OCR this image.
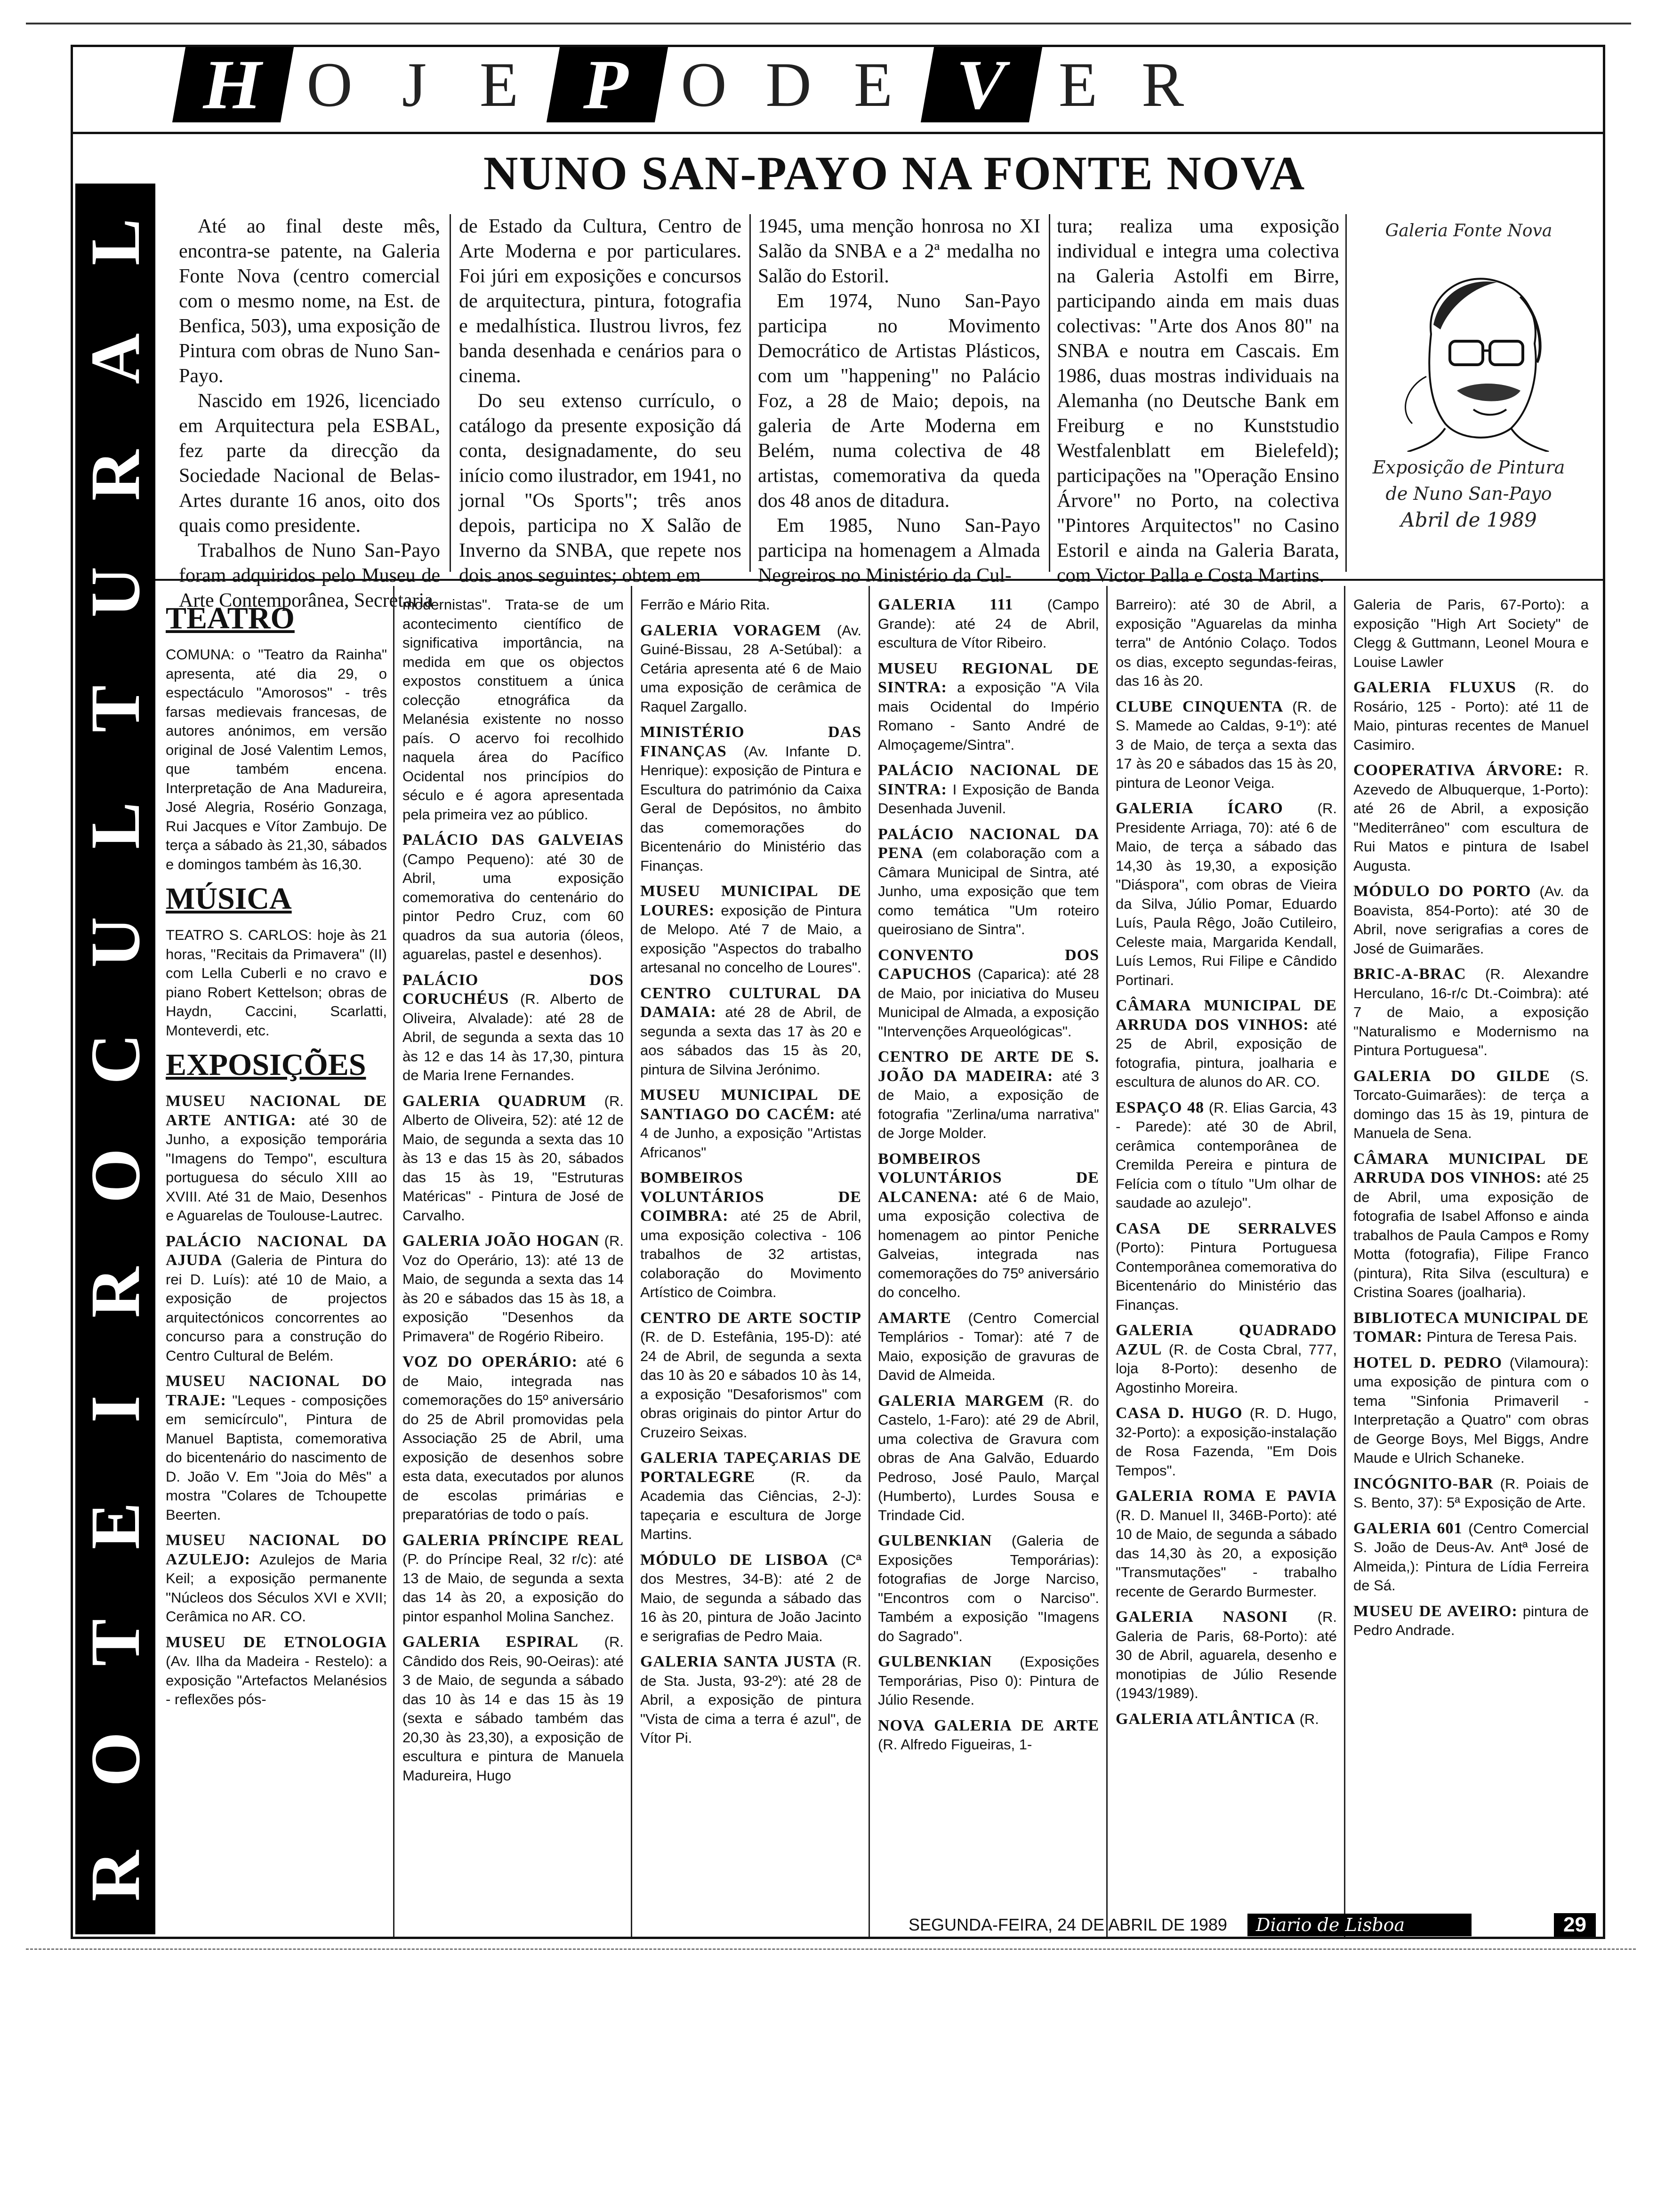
H O J E P O D E V E R
L
A
R
U
T
L
U
C
O
R
I
E
T
O
R
NUNO SAN-PAYO NA FONTE NOVA

Até ao final deste mês, encontra-se patente, na Galeria Fonte Nova (centro comercial com o mesmo nome, na Est. de Benfica, 503), uma exposição de Pintura com obras de Nuno San-Payo.

Nascido em 1926, licenciado em Arquitectura pela ESBAL, fez parte da direcção da Sociedade Nacional de Belas-Artes durante 16 anos, oito dos quais como presidente.

Trabalhos de Nuno San-Payo foram adquiridos pelo Museu de Arte Contemporânea, Secretaria

de Estado da Cultura, Centro de Arte Moderna e por particulares. Foi júri em exposições e concursos de arquitectura, pintura, fotografia e medalhística. Ilustrou livros, fez banda desenhada e cenários para o cinema.

Do seu extenso currículo, o catálogo da presente exposição dá conta, designadamente, do seu início como ilustrador, em 1941, no jornal "Os Sports"; três anos depois, participa no X Salão de Inverno da SNBA, que repete nos dois anos seguintes; obtem em

1945, uma menção honrosa no XI Salão da SNBA e a 2ª medalha no Salão do Estoril.

Em 1974, Nuno San-Payo participa no Movimento Democrático de Artistas Plásticos, com um "happening" no Palácio Foz, a 28 de Maio; depois, na galeria de Arte Moderna em Belém, numa colectiva de 48 artistas, comemorativa da queda dos 48 anos de ditadura.

Em 1985, Nuno San-Payo participa na homenagem a Almada Negreiros no Ministério da Cul-

tura; realiza uma exposição individual e integra uma colectiva na Galeria Astolfi em Birre, participando ainda em mais duas colectivas: "Arte dos Anos 80" na SNBA e noutra em Cascais. Em 1986, duas mostras individuais na Alemanha (no Deutsche Bank em Freiburg e no Kunststudio Westfalenblatt em Bielefeld); participações na "Operação Ensino Árvore" no Porto, na colectiva "Pintores Arquitectos" no Casino Estoril e ainda na Galeria Barata, com Victor Palla e Costa Martins.

Galeria Fonte Nova
Exposição de Pintura
de Nuno San-Payo
Abril de 1989
TEATRO

COMUNA: o "Teatro da Rainha" apresenta, até dia 29, o espectáculo "Amorosos" - três farsas medievais francesas, de autores anónimos, em versão original de José Valentim Lemos, que também encena. Interpretação de Ana Madureira, José Alegria, Rosério Gonzaga, Rui Jacques e Vítor Zambujo. De terça a sábado às 21,30, sábados e domingos também às 16,30.

MÚSICA

TEATRO S. CARLOS: hoje às 21 horas, "Recitais da Primavera" (II) com Lella Cuberli e no cravo e piano Robert Kettelson; obras de Haydn, Caccini, Scarlatti, Monteverdi, etc.

EXPOSIÇÕES

MUSEU NACIONAL DE ARTE ANTIGA: até 30 de Junho, a exposição temporária "Imagens do Tempo", escultura portuguesa do século XIII ao XVIII. Até 31 de Maio, Desenhos e Aguarelas de Toulouse-Lautrec.

PALÁCIO NACIONAL DA AJUDA (Galeria de Pintura do rei D. Luís): até 10 de Maio, a exposição de projectos arquitectónicos concorrentes ao concurso para a construção do Centro Cultural de Belém.

MUSEU NACIONAL DO TRAJE: "Leques - composições em semicírculo", Pintura de Manuel Baptista, comemorativa do bicentenário do nascimento de D. João V. Em "Joia do Mês" a mostra "Colares de Tchoupette Beerten.

MUSEU NACIONAL DO AZULEJO: Azulejos de Maria Keil; a exposição permanente "Núcleos dos Séculos XVI e XVII; Cerâmica no AR. CO.

MUSEU DE ETNOLOGIA (Av. Ilha da Madeira - Restelo): a exposição "Artefactos Melanésios - reflexões pós-

modernistas". Trata-se de um acontecimento científico de significativa importância, na medida em que os objectos expostos constituem a única colecção etnográfica da Melanésia existente no nosso país. O acervo foi recolhido naquela área do Pacífico Ocidental nos princípios do século e é agora apresentada pela primeira vez ao público.

PALÁCIO DAS GALVEIAS (Campo Pequeno): até 30 de Abril, uma exposição comemorativa do centenário do pintor Pedro Cruz, com 60 quadros da sua autoria (óleos, aguarelas, pastel e desenhos).

PALÁCIO DOS CORUCHÉUS (R. Alberto de Oliveira, Alvalade): até 28 de Abril, de segunda a sexta das 10 às 12 e das 14 às 17,30, pintura de Maria Irene Fernandes.

GALERIA QUADRUM (R. Alberto de Oliveira, 52): até 12 de Maio, de segunda a sexta das 10 às 13 e das 15 às 20, sábados das 15 às 19, "Estruturas Matéricas" - Pintura de José de Carvalho.

GALERIA JOÃO HOGAN (R. Voz do Operário, 13): até 13 de Maio, de segunda a sexta das 14 às 20 e sábados das 15 às 18, a exposição "Desenhos da Primavera" de Rogério Ribeiro.

VOZ DO OPERÁRIO: até 6 de Maio, integrada nas comemorações do 15º aniversário do 25 de Abril promovidas pela Associação 25 de Abril, uma exposição de desenhos sobre esta data, executados por alunos de escolas primárias e preparatórias de todo o país.

GALERIA PRÍNCIPE REAL (P. do Príncipe Real, 32 r/c): até 13 de Maio, de segunda a sexta das 14 às 20, a exposição do pintor espanhol Molina Sanchez.

GALERIA ESPIRAL (R. Cândido dos Reis, 90-Oeiras): até 3 de Maio, de segunda a sábado das 10 às 14 e das 15 às 19 (sexta e sábado também das 20,30 às 23,30), a exposição de escultura e pintura de Manuela Madureira, Hugo

Ferrão e Mário Rita.

GALERIA VORAGEM (Av. Guiné-Bissau, 28 A-Setúbal): a Cetária apresenta até 6 de Maio uma exposição de cerâmica de Raquel Zargallo.

MINISTÉRIO DAS FINANÇAS (Av. Infante D. Henrique): exposição de Pintura e Escultura do património da Caixa Geral de Depósitos, no âmbito das comemorações do Bicentenário do Ministério das Finanças.

MUSEU MUNICIPAL DE LOURES: exposição de Pintura de Melopo. Até 7 de Maio, a exposição "Aspectos do trabalho artesanal no concelho de Loures".

CENTRO CULTURAL DA DAMAIA: até 28 de Abril, de segunda a sexta das 17 às 20 e aos sábados das 15 às 20, pintura de Silvina Jerónimo.

MUSEU MUNICIPAL DE SANTIAGO DO CACÉM: até 4 de Junho, a exposição "Artistas Africanos"

BOMBEIROS VOLUNTÁRIOS DE COIMBRA: até 25 de Abril, uma exposição colectiva - 106 trabalhos de 32 artistas, colaboração do Movimento Artístico de Coimbra.

CENTRO DE ARTE SOCTIP (R. de D. Estefânia, 195-D): até 24 de Abril, de segunda a sexta das 10 às 20 e sábados 10 às 14, a exposição "Desaforismos" com obras originais do pintor Artur do Cruzeiro Seixas.

GALERIA TAPEÇARIAS DE PORTALEGRE (R. da Academia das Ciências, 2-J): tapeçaria e escultura de Jorge Martins.

MÓDULO DE LISBOA (Cª dos Mestres, 34-B): até 2 de Maio, de segunda a sábado das 16 às 20, pintura de João Jacinto e serigrafias de Pedro Maia.

GALERIA SANTA JUSTA (R. de Sta. Justa, 93-2º): até 28 de Abril, a exposição de pintura "Vista de cima a terra é azul", de Vítor Pi.

GALERIA 111 (Campo Grande): até 24 de Abril, escultura de Vítor Ribeiro.

MUSEU REGIONAL DE SINTRA: a exposição "A Vila mais Ocidental do Império Romano - Santo André de Almoçageme/Sintra".

PALÁCIO NACIONAL DE SINTRA: I Exposição de Banda Desenhada Juvenil.

PALÁCIO NACIONAL DA PENA (em colaboração com a Câmara Municipal de Sintra, até Junho, uma exposição que tem como temática "Um roteiro queirosiano de Sintra".

CONVENTO DOS CAPUCHOS (Caparica): até 28 de Maio, por iniciativa do Museu Municipal de Almada, a exposição "Intervenções Arqueológicas".

CENTRO DE ARTE DE S. JOÃO DA MADEIRA: até 3 de Maio, a exposição de fotografia "Zerlina/uma narrativa" de Jorge Molder.

BOMBEIROS VOLUNTÁRIOS DE ALCANENA: até 6 de Maio, uma exposição colectiva de homenagem ao pintor Peniche Galveias, integrada nas comemorações do 75º aniversário do concelho.

AMARTE (Centro Comercial Templários - Tomar): até 7 de Maio, exposição de gravuras de David de Almeida.

GALERIA MARGEM (R. do Castelo, 1-Faro): até 29 de Abril, uma colectiva de Gravura com obras de Ana Galvão, Eduardo Pedroso, José Paulo, Marçal (Humberto), Lurdes Sousa e Trindade Cid.

GULBENKIAN (Galeria de Exposições Temporárias): fotografias de Jorge Narciso, "Encontros com o Narciso". Também a exposição "Imagens do Sagrado".

GULBENKIAN (Exposições Temporárias, Piso 0): Pintura de Júlio Resende.

NOVA GALERIA DE ARTE (R. Alfredo Figueiras, 1-

Barreiro): até 30 de Abril, a exposição "Aguarelas da minha terra" de António Colaço. Todos os dias, excepto segundas-feiras, das 16 às 20.

CLUBE CINQUENTA (R. de S. Mamede ao Caldas, 9-1º): até 3 de Maio, de terça a sexta das 17 às 20 e sábados das 15 às 20, pintura de Leonor Veiga.

GALERIA ÍCARO (R. Presidente Arriaga, 70): até 6 de Maio, de terça a sábado das 14,30 às 19,30, a exposição "Diáspora", com obras de Vieira da Silva, Júlio Pomar, Eduardo Luís, Paula Rêgo, João Cutileiro, Celeste maia, Margarida Kendall, Luís Lemos, Rui Filipe e Cândido Portinari.

CÂMARA MUNICIPAL DE ARRUDA DOS VINHOS: até 25 de Abril, exposição de fotografia, pintura, joalharia e escultura de alunos do AR. CO.

ESPAÇO 48 (R. Elias Garcia, 43 - Parede): até 30 de Abril, cerâmica contemporânea de Cremilda Pereira e pintura de Felícia com o título "Um olhar de saudade ao azulejo".

CASA DE SERRALVES (Porto): Pintura Portuguesa Contemporânea comemorativa do Bicentenário do Ministério das Finanças.

GALERIA QUADRADO AZUL (R. de Costa Cbral, 777, loja 8-Porto): desenho de Agostinho Moreira.

CASA D. HUGO (R. D. Hugo, 32-Porto): a exposição-instalação de Rosa Fazenda, "Em Dois Tempos".

GALERIA ROMA E PAVIA (R. D. Manuel II, 346B-Porto): até 10 de Maio, de segunda a sábado das 14,30 às 20, a exposição "Transmutações" - trabalho recente de Gerardo Burmester.

GALERIA NASONI (R. Galeria de Paris, 68-Porto): até 30 de Abril, aguarela, desenho e monotipias de Júlio Resende (1943/1989).

GALERIA ATLÂNTICA (R.

Galeria de Paris, 67-Porto): a exposição "High Art Society" de Clegg & Guttmann, Leonel Moura e Louise Lawler

GALERIA FLUXUS (R. do Rosário, 125 - Porto): até 11 de Maio, pinturas recentes de Manuel Casimiro.

COOPERATIVA ÁRVORE: R. Azevedo de Albuquerque, 1-Porto): até 26 de Abril, a exposição "Mediterrâneo" com escultura de Rui Matos e pintura de Isabel Augusta.

MÓDULO DO PORTO (Av. da Boavista, 854-Porto): até 30 de Abril, nove serigrafias a cores de José de Guimarães.

BRIC-A-BRAC (R. Alexandre Herculano, 16-r/c Dt.-Coimbra): até 7 de Maio, a exposição "Naturalismo e Modernismo na Pintura Portuguesa".

GALERIA DO GILDE (S. Torcato-Guimarães): de terça a domingo das 15 às 19, pintura de Manuela de Sena.

CÂMARA MUNICIPAL DE ARRUDA DOS VINHOS: até 25 de Abril, uma exposição de fotografia de Isabel Affonso e ainda trabalhos de Paula Campos e Romy Motta (fotografia), Filipe Franco (pintura), Rita Silva (escultura) e Cristina Soares (joalharia).

BIBLIOTECA MUNICIPAL DE TOMAR: Pintura de Teresa Pais.

HOTEL D. PEDRO (Vilamoura): uma exposição de pintura com o tema "Sinfonia Primaveril - Interpretação a Quatro" com obras de George Boys, Mel Biggs, Andre Maude e Ulrich Schaneke.

INCÓGNITO-BAR (R. Poiais de S. Bento, 37): 5ª Exposição de Arte.

GALERIA 601 (Centro Comercial S. João de Deus-Av. Antª José de Almeida,): Pintura de Lídia Ferreira de Sá.

MUSEU DE AVEIRO: pintura de Pedro Andrade.

SEGUNDA-FEIRA, 24 DE ABRIL DE 1989	Diario de Lisboa	29
